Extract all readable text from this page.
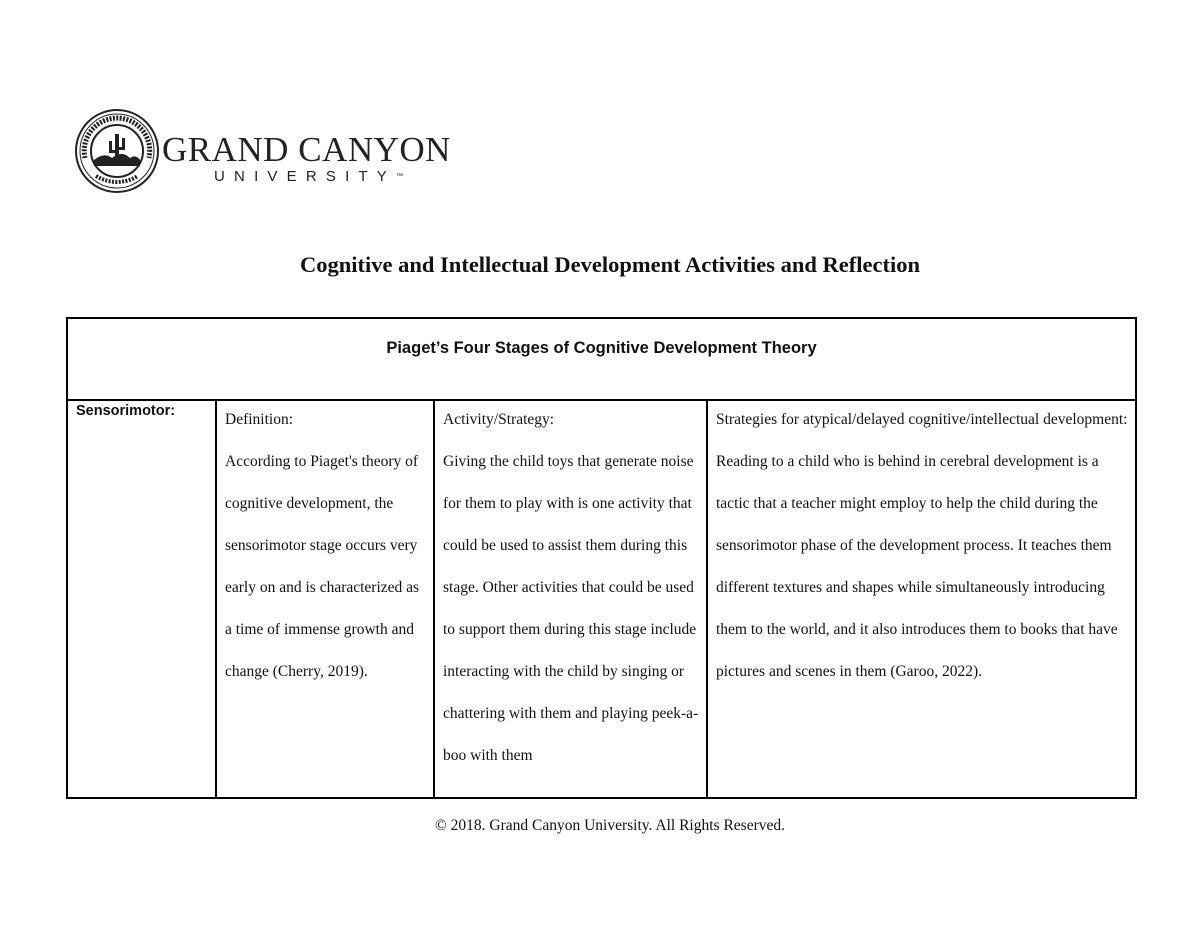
GRAND CANYON
UNIVERSITY™
Cognitive and Intellectual Development Activities and Reflection
Piaget’s Four Stages of Cognitive Development Theory
Sensorimotor:	Definition:

According to Piaget's theory of cognitive development, the sensorimotor stage occurs very early on and is characterized as a time of immense growth and change (Cherry, 2019).

Activity/Strategy:

Giving the child toys that generate noise for them to play with is one activity that could be used to assist them during this stage. Other activities that could be used to support them during this stage include interacting with the child by singing or chattering with them and playing peek-a-boo with them

Strategies for atypical/delayed cognitive/intellectual development:

Reading to a child who is behind in cerebral development is a tactic that a teacher might employ to help the child during the sensorimotor phase of the development process. It teaches them different textures and shapes while simultaneously introducing them to the world, and it also introduces them to books that have pictures and scenes in them (Garoo, 2022).

© 2018. Grand Canyon University. All Rights Reserved.
